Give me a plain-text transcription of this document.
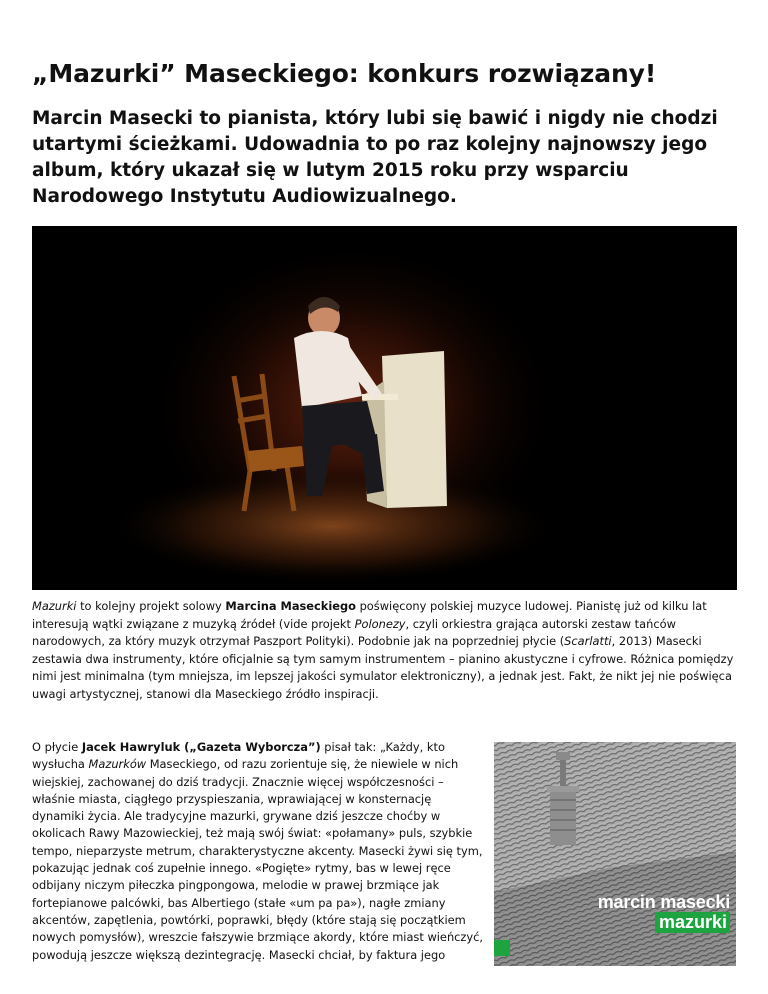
„Mazurki” Maseckiego: konkurs rozwiązany!

Marcin Masecki to pianista, który lubi się bawić i nigdy nie chodzi utartymi ścieżkami. Udowadnia to po raz kolejny najnowszy jego album, który ukazał się w lutym 2015 roku przy wsparciu Narodowego Instytutu Audiowizualnego.

Mazurki to kolejny projekt solowy Marcina Maseckiego poświęcony polskiej muzyce ludowej. Pianistę już od kilku lat interesują wątki związane z muzyką źródeł (vide projekt Polonezy, czyli orkiestra grająca autorski zestaw tańców narodowych, za który muzyk otrzymał Paszport Polityki). Podobnie jak na poprzedniej płycie (Scarlatti, 2013) Masecki zestawia dwa instrumenty, które oficjalnie są tym samym instrumentem – pianino akustyczne i cyfrowe. Różnica pomiędzy nimi jest minimalna (tym mniejsza, im lepszej jakości symulator elektroniczny), a jednak jest. Fakt, że nikt jej nie poświęca uwagi artystycznej, stanowi dla Maseckiego źródło inspiracji.

O płycie Jacek Hawryluk („Gazeta Wyborcza”) pisał tak: „Każdy, kto wysłucha Mazurków Maseckiego, od razu zorientuje się, że niewiele w nich wiejskiej, zachowanej do dziś tradycji. Znacznie więcej współczesności – właśnie miasta, ciągłego przyspieszania, wprawiającej w konsternację dynamiki życia. Ale tradycyjne mazurki, grywane dziś jeszcze choćby w okolicach Rawy Mazowieckiej, też mają swój świat: «połamany» puls, szybkie tempo, nieparzyste metrum, charakterystyczne akcenty. Masecki żywi się tym, pokazując jednak coś zupełnie innego. «Pogięte» rytmy, bas w lewej ręce odbijany niczym piłeczka pingpongowa, melodie w prawej brzmiące jak fortepianowe palcówki, bas Albertiego (stałe «um pa pa»), nagłe zmiany akcentów, zapętlenia, powtórki, poprawki, błędy (które stają się początkiem nowych pomysłów), wreszcie fałszywie brzmiące akordy, które miast wieńczyć, powodują jeszcze większą dezintegrację. Masecki chciał, by faktura jego

marcin masecki
mazurki
